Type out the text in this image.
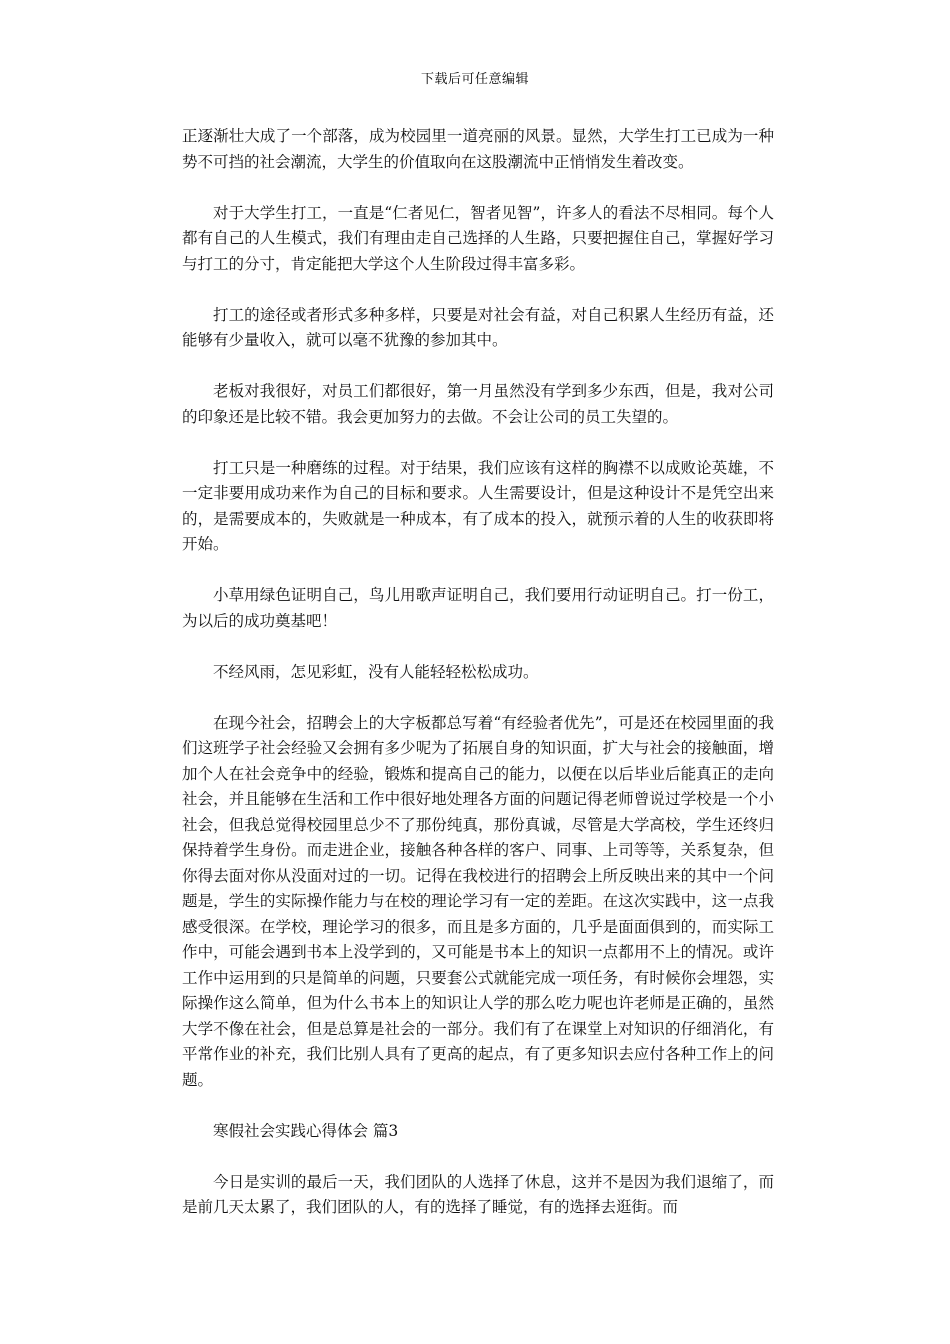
下载后可任意编辑

正逐渐壮大成了一个部落，成为校园里一道亮丽的风景。显然，大学生打工已成为一种势不可挡的社会潮流，大学生的价值取向在这股潮流中正悄悄发生着改变。

对于大学生打工，一直是“仁者见仁，智者见智”，许多人的看法不尽相同。每个人都有自己的人生模式，我们有理由走自己选择的人生路，只要把握住自己，掌握好学习与打工的分寸，肯定能把大学这个人生阶段过得丰富多彩。

打工的途径或者形式多种多样，只要是对社会有益，对自己积累人生经历有益，还能够有少量收入，就可以毫不犹豫的参加其中。

老板对我很好，对员工们都很好，第一月虽然没有学到多少东西，但是，我对公司的印象还是比较不错。我会更加努力的去做。不会让公司的员工失望的。

打工只是一种磨练的过程。对于结果，我们应该有这样的胸襟不以成败论英雄，不一定非要用成功来作为自己的目标和要求。人生需要设计，但是这种设计不是凭空出来的，是需要成本的，失败就是一种成本，有了成本的投入，就预示着的人生的收获即将开始。

小草用绿色证明自己，鸟儿用歌声证明自己，我们要用行动证明自己。打一份工，为以后的成功奠基吧！

不经风雨，怎见彩虹，没有人能轻轻松松成功。

在现今社会，招聘会上的大字板都总写着“有经验者优先”，可是还在校园里面的我们这班学子社会经验又会拥有多少呢为了拓展自身的知识面，扩大与社会的接触面，增加个人在社会竞争中的经验，锻炼和提高自己的能力，以便在以后毕业后能真正的走向社会，并且能够在生活和工作中很好地处理各方面的问题记得老师曾说过学校是一个小社会，但我总觉得校园里总少不了那份纯真，那份真诚，尽管是大学高校，学生还终归保持着学生身份。而走进企业，接触各种各样的客户、同事、上司等等，关系复杂，但你得去面对你从没面对过的一切。记得在我校进行的招聘会上所反映出来的其中一个问题是，学生的实际操作能力与在校的理论学习有一定的差距。在这次实践中，这一点我感受很深。在学校，理论学习的很多，而且是多方面的，几乎是面面俱到的，而实际工作中，可能会遇到书本上没学到的，又可能是书本上的知识一点都用不上的情况。或许工作中运用到的只是简单的问题，只要套公式就能完成一项任务，有时候你会埋怨，实际操作这么简单，但为什么书本上的知识让人学的那么吃力呢也许老师是正确的，虽然大学不像在社会，但是总算是社会的一部分。我们有了在课堂上对知识的仔细消化，有平常作业的补充，我们比别人具有了更高的起点，有了更多知识去应付各种工作上的问题。

寒假社会实践心得体会 篇3

今日是实训的最后一天，我们团队的人选择了休息，这并不是因为我们退缩了，而是前几天太累了，我们团队的人，有的选择了睡觉，有的选择去逛街。而
